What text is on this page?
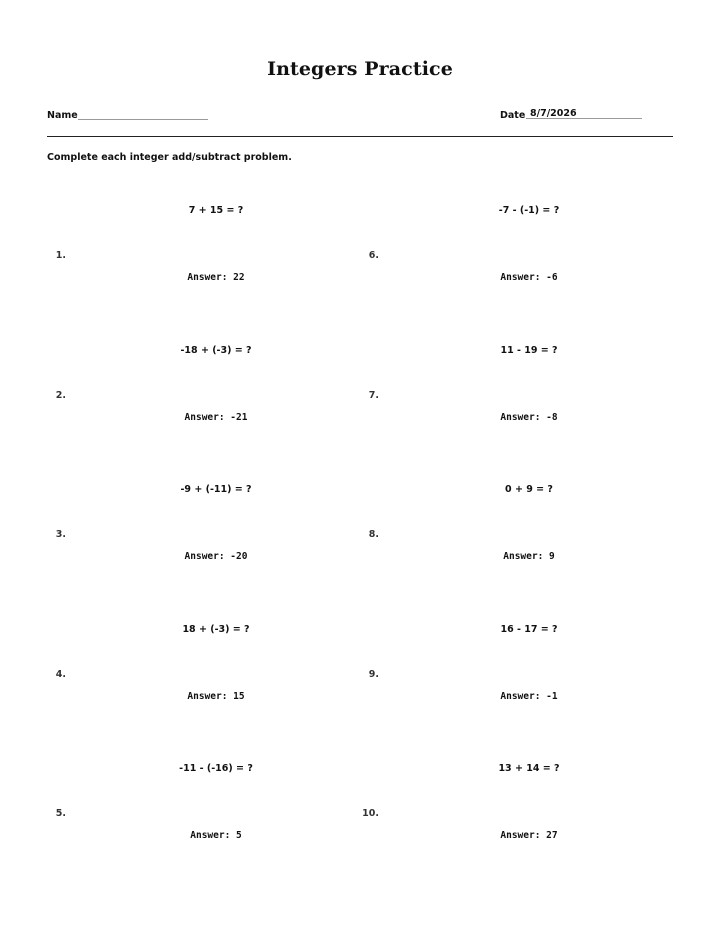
Integers Practice
Name	Date 8/7/2026
Complete each integer add/subtract problem.
1.
7 + 15 = ?
Answer: 22
2.
-18 + (-3) = ?
Answer: -21
3.
-9 + (-11) = ?
Answer: -20
4.
18 + (-3) = ?
Answer: 15
5.
-11 - (-16) = ?
Answer: 5
6.
-7 - (-1) = ?
Answer: -6
7.
11 - 19 = ?
Answer: -8
8.
0 + 9 = ?
Answer: 9
9.
16 - 17 = ?
Answer: -1
10.
13 + 14 = ?
Answer: 27
